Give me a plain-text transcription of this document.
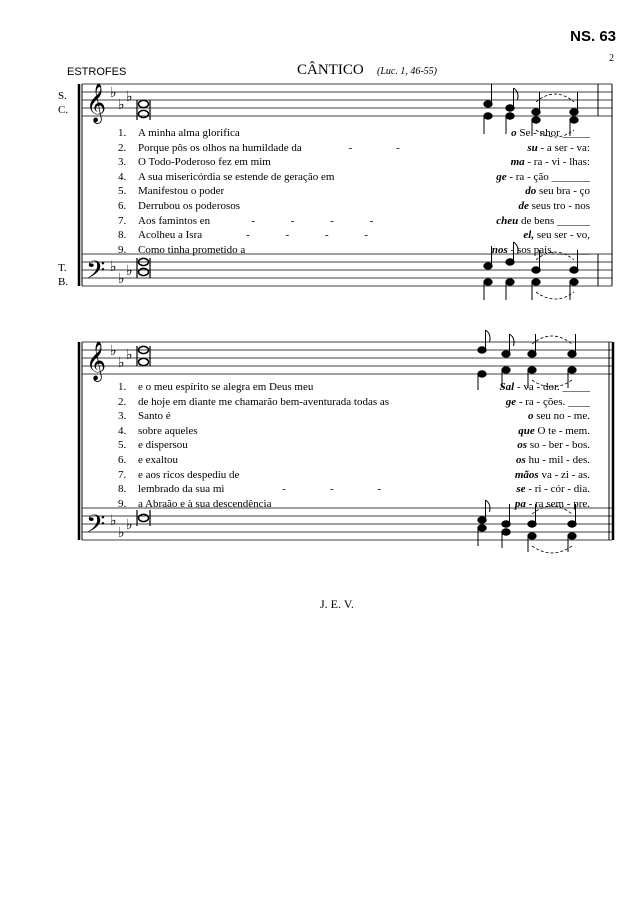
NS. 63
2
ESTROFES	CÂNTICO (Luc. 1, 46-55)
S.
C.
T.
B.
𝄞
𝄢
♭
♭ ♭
♭
♭ ♭
𝄞
𝄢
♭
♭ ♭
♭
♭ ♭
1. A minha alma glorifica	o Se - nhor _____
2. Porque pôs os olhos na humildade da                 -                -	su - a ser - va:
3. O Todo-Poderoso fez em mim	ma - ra - vi - lhas:
4. A sua misericórdia se estende de geração em	ge - ra - ção _______
5. Manifestou o poder	do seu bra - ço
6. Derrubou os poderosos	de seus tro - nos
7. Aos famintos en               -             -             -             -	cheu de bens ______
8. Acolheu a Isra                -             -             -             -	el, seu ser - vo,
9. Como tinha prometido a	nos - sos pais, ______
1. e o meu espírito se alegra em Deus meu	Sal - va - dor. _____
2. de hoje em diante me chamarão bem-aventurada todas as	ge - ra - ções. ____
3. Santo é	o seu no - me.
4. sobre aqueles	que O te - mem.
5. e dispersou	os so - ber - bos.
6. e exaltou	os hu - mil - des.
7. e aos ricos despediu de	mãos va - zi - as.
8. lembrado da sua mi                     -                -                -	se - ri - cór - dia.
9. a Abraão e à sua descendência	pa - ra sem - pre.
J. E. V.
